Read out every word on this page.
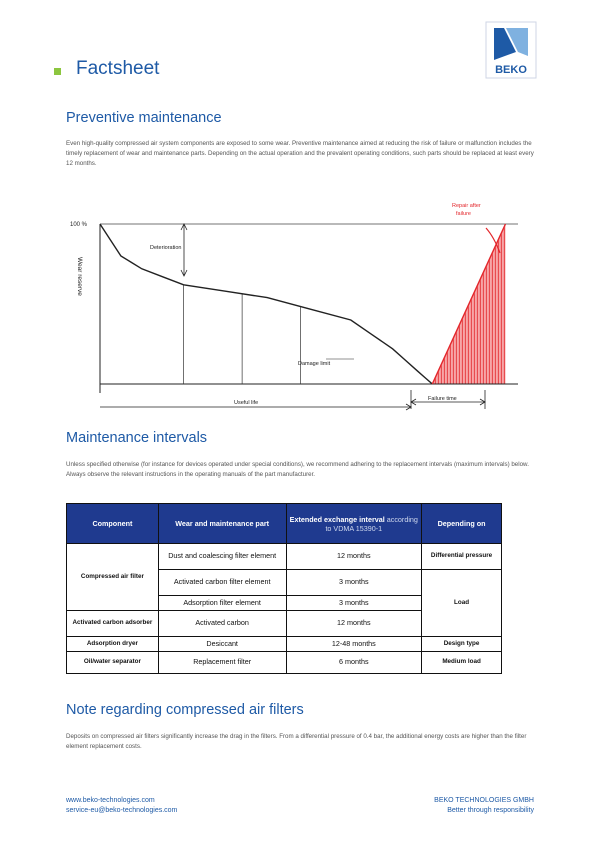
Factsheet	BEKO
Preventive maintenance
Even high-quality compressed air system components are exposed to some wear. Preventive maintenance aimed at reducing the risk of failure or malfunction includes the timely replacement of wear and maintenance parts. Depending on the actual operation and the prevalent operating conditions, such parts should be replaced at least every 12 months.
100 %
Wear reserve
Deterioration
Damage limit
Useful life
Failure time
Repair after
failure
Maintenance intervals
Unless specified otherwise (for instance for devices operated under special conditions), we recommend adhering to the replacement intervals (maximum intervals) below. Always observe the relevant instructions in the operating manuals of the part manufacturer.
Component	Wear and maintenance part	Extended exchange interval according to VDMA 15390-1	Depending on
Compressed air filter	Dust and coalescing filter element	12 months	Differential pressure
	Activated carbon filter element	3 months	Load
	Adsorption filter element	3 months	
Activated carbon adsorber	Activated carbon	12 months	
Adsorption dryer	Desiccant	12-48 months	Design type
Oil/water separator	Replacement filter	6 months	Medium load
Note regarding compressed air filters
Deposits on compressed air filters significantly increase the drag in the filters. From a differential pressure of 0.4 bar, the additional energy costs are higher than the filter element replacement costs.
www.beko-technologies.com
service-eu@beko-technologies.com
BEKO TECHNOLOGIES GMBH
Better through responsibility
